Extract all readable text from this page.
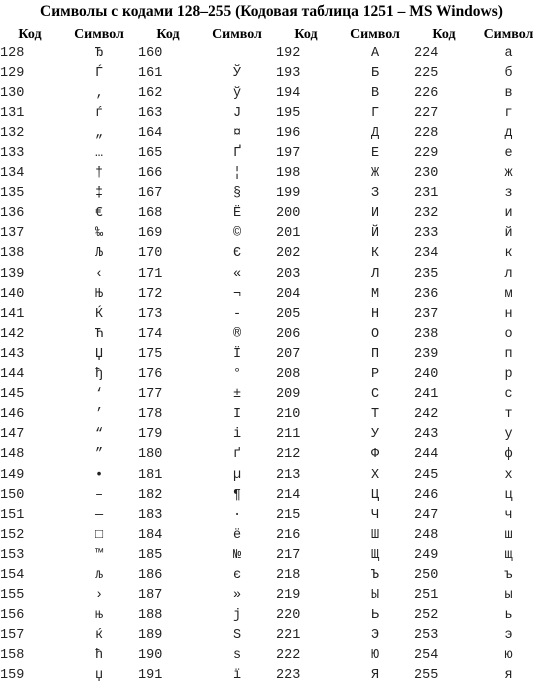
Символы с кодами 128–255 (Кодовая таблица 1251 – MS Windows)
Код	Символ	Код	Символ	Код	Символ	Код	Символ
128	Ђ	160		192	А	224	а
129	Ѓ	161	Ў	193	Б	225	б
130	‚	162	ў	194	В	226	в
131	ѓ	163	Ј	195	Г	227	г
132	„	164	¤	196	Д	228	д
133	…	165	Ґ	197	Е	229	е
134	†	166	¦	198	Ж	230	ж
135	‡	167	§	199	З	231	з
136	€	168	Ё	200	И	232	и
137	‰	169	©	201	Й	233	й
138	Љ	170	Є	202	К	234	к
139	‹	171	«	203	Л	235	л
140	Њ	172	¬	204	М	236	м
141	Ќ	173	-	205	Н	237	н
142	Ћ	174	®	206	О	238	о
143	Џ	175	Ї	207	П	239	п
144	ђ	176	°	208	Р	240	р
145	‘	177	±	209	С	241	с
146	’	178	І	210	Т	242	т
147	“	179	і	211	У	243	у
148	”	180	ґ	212	Ф	244	ф
149	•	181	µ	213	Х	245	х
150	–	182	¶	214	Ц	246	ц
151	—	183	·	215	Ч	247	ч
152	□	184	ё	216	Ш	248	ш
153	™	185	№	217	Щ	249	щ
154	љ	186	є	218	Ъ	250	ъ
155	›	187	»	219	Ы	251	ы
156	њ	188	ј	220	Ь	252	ь
157	ќ	189	Ѕ	221	Э	253	э
158	ћ	190	ѕ	222	Ю	254	ю
159	џ	191	ї	223	Я	255	я
